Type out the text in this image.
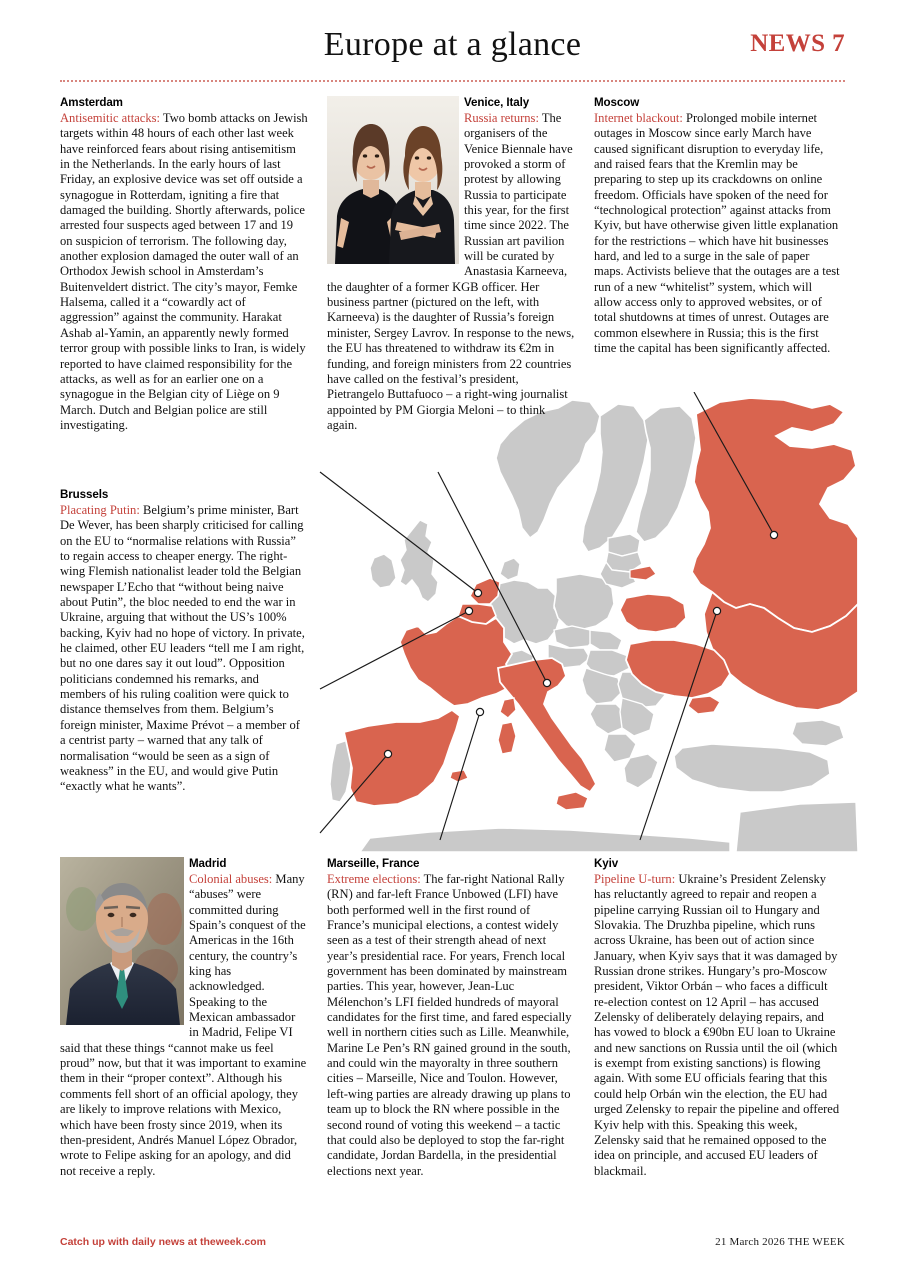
Europe at a glance	NEWS 7
Amsterdam

Antisemitic attacks: Two bomb attacks on Jewish targets within 48 hours of each other last week have reinforced fears about rising antisemitism in the Netherlands. In the early hours of last Friday, an explosive device was set off outside a synagogue in Rotterdam, igniting a fire that damaged the building. Shortly afterwards, police arrested four suspects aged between 17 and 19 on suspicion of terrorism. The following day, another explosion damaged the outer wall of an Orthodox Jewish school in Amsterdam’s Buitenveldert district. The city’s mayor, Femke Halsema, called it a “cowardly act of aggression” against the community. Harakat Ashab al-Yamin, an apparently newly formed terror group with possible links to Iran, is widely reported to have claimed responsibility for the attacks, as well as for an earlier one on a synagogue in the Belgian city of Liège on 9 March. Dutch and Belgian police are still investigating.

Brussels

Placating Putin: Belgium’s prime minister, Bart De Wever, has been sharply criticised for calling on the EU to “normalise relations with Russia” to regain access to cheaper energy. The right-wing Flemish nationalist leader told the Belgian newspaper L’Echo that “without being naive about Putin”, the bloc needed to end the war in Ukraine, arguing that without the US’s 100% backing, Kyiv had no hope of victory. In private, he claimed, other EU leaders “tell me I am right, but no one dares say it out loud”. Opposition politicians condemned his remarks, and members of his ruling coalition were quick to distance themselves from them. Belgium’s foreign minister, Maxime Prévot – a member of a centrist party – warned that any talk of normalisation “would be seen as a sign of weakness” in the EU, and would give Putin “exactly what he wants”.

Madrid

Colonial abuses: Many “abuses” were committed during Spain’s conquest of the Americas in the 16th century, the country’s king has acknowledged. Speaking to the Mexican ambassador in Madrid, Felipe VI said that these things “cannot make us feel proud” now, but that it was important to examine them in their “proper context”. Although his comments fell short of an official apology, they are likely to improve relations with Mexico, which have been frosty since 2019, when its then-president, Andrés Manuel López Obrador, wrote to Felipe asking for an apology, and did not receive a reply.

Venice, Italy

Russia returns: The organisers of the Venice Biennale have provoked a storm of protest by allowing Russia to participate this year, for the first time since 2022. The Russian art pavilion will be curated by Anastasia Karneeva, the daughter of a former KGB officer. Her business partner (pictured on the left, with Karneeva) is the daughter of Russia’s foreign minister, Sergey Lavrov. In response to the news, the EU has threatened to withdraw its €2m in funding, and foreign ministers from 22 countries have called on the festival’s president, Pietrangelo Buttafuoco – a right-wing journalist appointed by PM Giorgia Meloni – to think again.

Marseille, France

Extreme elections: The far-right National Rally (RN) and far-left France Unbowed (LFI) have both performed well in the first round of France’s municipal elections, a contest widely seen as a test of their strength ahead of next year’s presidential race. For years, French local government has been dominated by mainstream parties. This year, however, Jean-Luc Mélenchon’s LFI fielded hundreds of mayoral candidates for the first time, and fared especially well in northern cities such as Lille. Meanwhile, Marine Le Pen’s RN gained ground in the south, and could win the mayoralty in three southern cities – Marseille, Nice and Toulon. However, left-wing parties are already drawing up plans to team up to block the RN where possible in the second round of voting this weekend – a tactic that could also be deployed to stop the far-right candidate, Jordan Bardella, in the presidential elections next year.

Moscow

Internet blackout: Prolonged mobile internet outages in Moscow since early March have caused significant disruption to everyday life, and raised fears that the Kremlin may be preparing to step up its crackdowns on online freedom. Officials have spoken of the need for “technological protection” against attacks from Kyiv, but have otherwise given little explanation for the restrictions – which have hit businesses hard, and led to a surge in the sale of paper maps. Activists believe that the outages are a test run of a new “whitelist” system, which will allow access only to approved websites, or of total shutdowns at times of unrest. Outages are common elsewhere in Russia; this is the first time the capital has been significantly affected.

Kyiv

Pipeline U-turn: Ukraine’s President Zelensky has reluctantly agreed to repair and reopen a pipeline carrying Russian oil to Hungary and Slovakia. The Druzhba pipeline, which runs across Ukraine, has been out of action since January, when Kyiv says that it was damaged by Russian drone strikes. Hungary’s pro-Moscow president, Viktor Orbán – who faces a difficult re-election contest on 12 April – has accused Zelensky of deliberately delaying repairs, and has vowed to block a €90bn EU loan to Ukraine and new sanctions on Russia until the oil (which is exempt from existing sanctions) is flowing again. With some EU officials fearing that this could help Orbán win the election, the EU had urged Zelensky to repair the pipeline and offered Kyiv help with this. Speaking this week, Zelensky said that he remained opposed to the idea on principle, and accused EU leaders of blackmail.

Catch up with daily news at theweek.com	21 March 2026 THE WEEK
